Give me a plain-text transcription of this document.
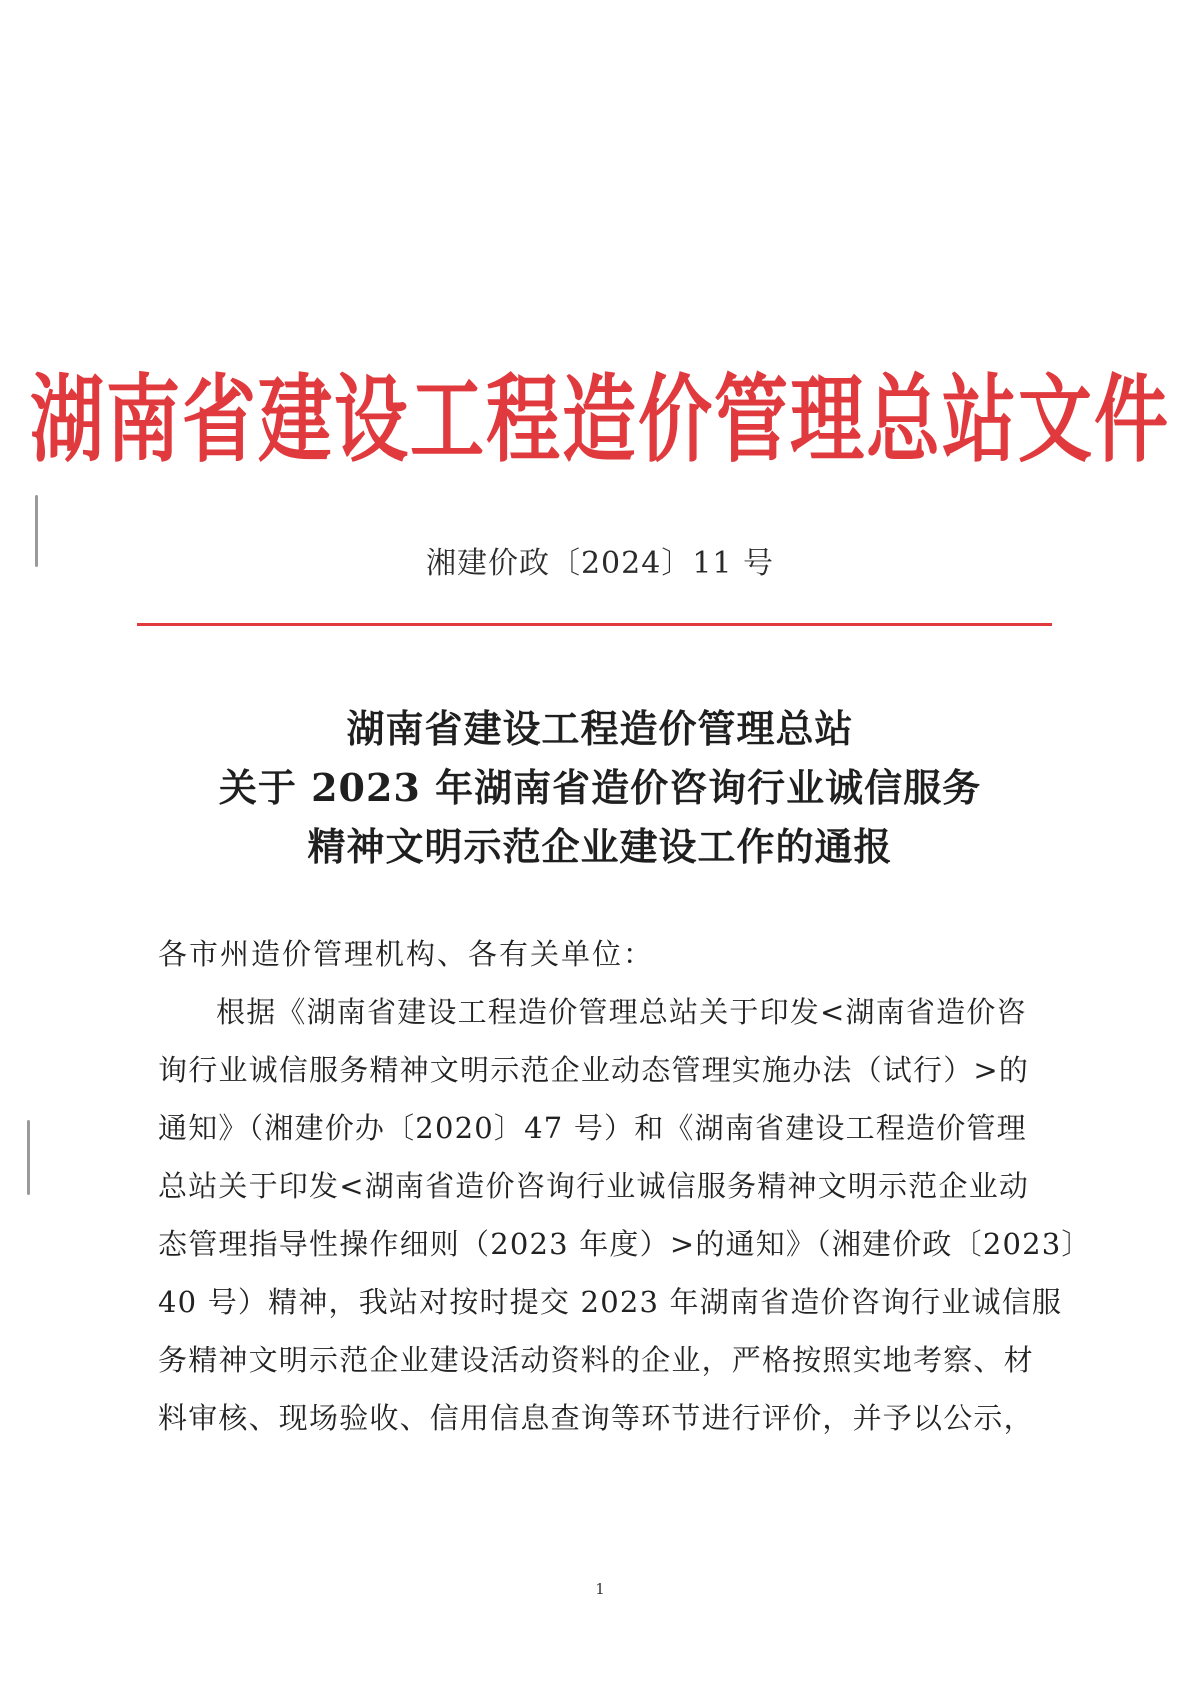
湖南省建设工程造价管理总站文件
湘建价政〔2024〕11 号
湖南省建设工程造价管理总站
关于 2023 年湖南省造价咨询行业诚信服务
精神文明示范企业建设工作的通报
各市州造价管理机构、各有关单位：
根据《湖南省建设工程造价管理总站关于印发<湖南省造价咨
询行业诚信服务精神文明示范企业动态管理实施办法（试行）>的
通知》（湘建价办〔2020〕47 号）和《湖南省建设工程造价管理
总站关于印发<湖南省造价咨询行业诚信服务精神文明示范企业动
态管理指导性操作细则（2023 年度）>的通知》（湘建价政〔2023〕
40 号）精神，我站对按时提交 2023 年湖南省造价咨询行业诚信服
务精神文明示范企业建设活动资料的企业，严格按照实地考察、材
料审核、现场验收、信用信息查询等环节进行评价，并予以公示，
1
